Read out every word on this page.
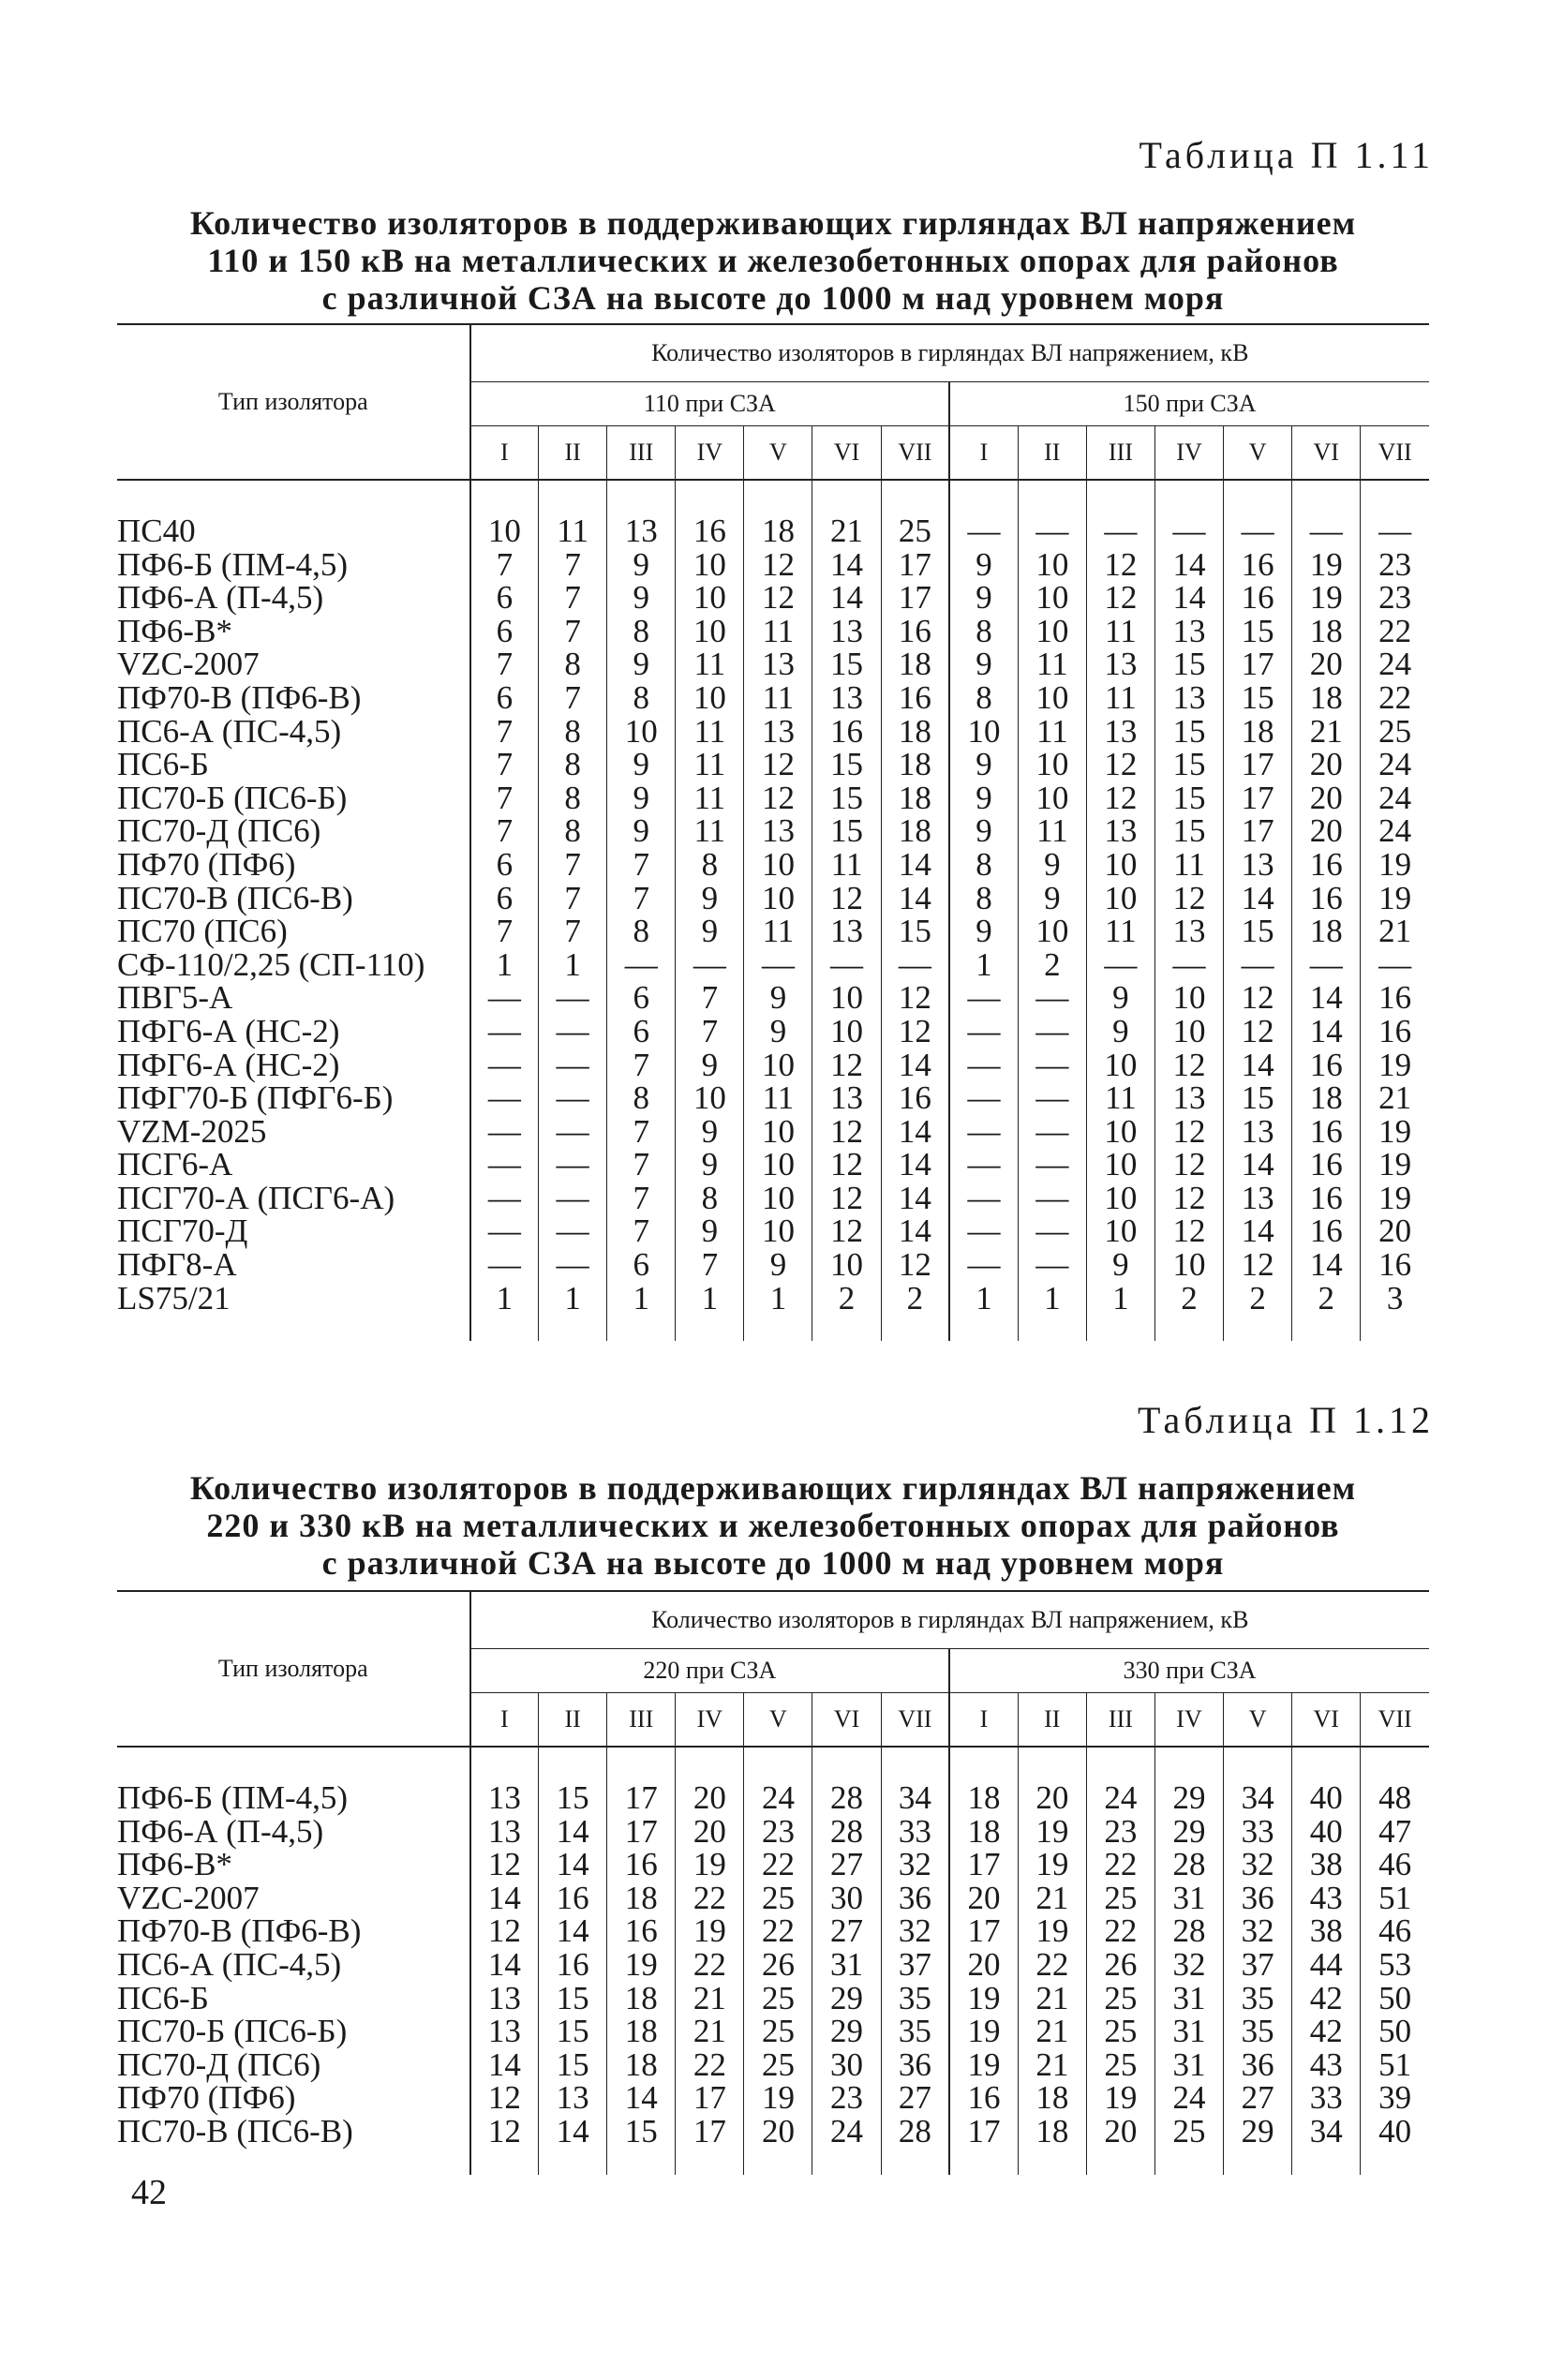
Таблица П 1.11
Количество изоляторов в поддерживающих гирляндах ВЛ напряжением
110 и 150 кВ на металлических и железобетонных опорах для районов
с различной СЗА на высоте до 1000 м над уровнем моря
Тип изолятора	Количество изоляторов в гирляндах ВЛ напряжением, кВ													
	110 при СЗА							150 при СЗА						
	I	II	III	IV	V	VI	VII	I	II	III	IV	V	VI	VII

ПС40	10	11	13	16	18	21	25	—	—	—	—	—	—	—
ПФ6-Б (ПМ-4,5)	7	7	9	10	12	14	17	9	10	12	14	16	19	23
ПФ6-А (П-4,5)	6	7	9	10	12	14	17	9	10	12	14	16	19	23
ПФ6-В*	6	7	8	10	11	13	16	8	10	11	13	15	18	22
VZC-2007	7	8	9	11	13	15	18	9	11	13	15	17	20	24
ПФ70-В (ПФ6-В)	6	7	8	10	11	13	16	8	10	11	13	15	18	22
ПС6-А (ПС-4,5)	7	8	10	11	13	16	18	10	11	13	15	18	21	25
ПС6-Б	7	8	9	11	12	15	18	9	10	12	15	17	20	24
ПС70-Б (ПС6-Б)	7	8	9	11	12	15	18	9	10	12	15	17	20	24
ПС70-Д (ПС6)	7	8	9	11	13	15	18	9	11	13	15	17	20	24
ПФ70 (ПФ6)	6	7	7	8	10	11	14	8	9	10	11	13	16	19
ПС70-В (ПС6-В)	6	7	7	9	10	12	14	8	9	10	12	14	16	19
ПС70 (ПС6)	7	7	8	9	11	13	15	9	10	11	13	15	18	21
СФ-110/2,25 (СП-110)	1	1	—	—	—	—	—	1	2	—	—	—	—	—
ПВГ5-А	—	—	6	7	9	10	12	—	—	9	10	12	14	16
ПФГ6-А (НС-2)	—	—	6	7	9	10	12	—	—	9	10	12	14	16
ПФГ6-А (НС-2)	—	—	7	9	10	12	14	—	—	10	12	14	16	19
ПФГ70-Б (ПФГ6-Б)	—	—	8	10	11	13	16	—	—	11	13	15	18	21
VZM-2025	—	—	7	9	10	12	14	—	—	10	12	13	16	19
ПСГ6-А	—	—	7	9	10	12	14	—	—	10	12	14	16	19
ПСГ70-А (ПСГ6-А)	—	—	7	8	10	12	14	—	—	10	12	13	16	19
ПСГ70-Д	—	—	7	9	10	12	14	—	—	10	12	14	16	20
ПФГ8-А	—	—	6	7	9	10	12	—	—	9	10	12	14	16
LS75/21	1	1	1	1	1	2	2	1	1	1	2	2	2	3

Таблица П 1.12
Количество изоляторов в поддерживающих гирляндах ВЛ напряжением
220 и 330 кВ на металлических и железобетонных опорах для районов
с различной СЗА на высоте до 1000 м над уровнем моря
Тип изолятора	Количество изоляторов в гирляндах ВЛ напряжением, кВ													
	220 при СЗА							330 при СЗА						
	I	II	III	IV	V	VI	VII	I	II	III	IV	V	VI	VII

ПФ6-Б (ПМ-4,5)	13	15	17	20	24	28	34	18	20	24	29	34	40	48
ПФ6-А (П-4,5)	13	14	17	20	23	28	33	18	19	23	29	33	40	47
ПФ6-В*	12	14	16	19	22	27	32	17	19	22	28	32	38	46
VZC-2007	14	16	18	22	25	30	36	20	21	25	31	36	43	51
ПФ70-В (ПФ6-В)	12	14	16	19	22	27	32	17	19	22	28	32	38	46
ПС6-А (ПС-4,5)	14	16	19	22	26	31	37	20	22	26	32	37	44	53
ПС6-Б	13	15	18	21	25	29	35	19	21	25	31	35	42	50
ПС70-Б (ПС6-Б)	13	15	18	21	25	29	35	19	21	25	31	35	42	50
ПС70-Д (ПС6)	14	15	18	22	25	30	36	19	21	25	31	36	43	51
ПФ70 (ПФ6)	12	13	14	17	19	23	27	16	18	19	24	27	33	39
ПС70-В (ПС6-В)	12	14	15	17	20	24	28	17	18	20	25	29	34	40

42
